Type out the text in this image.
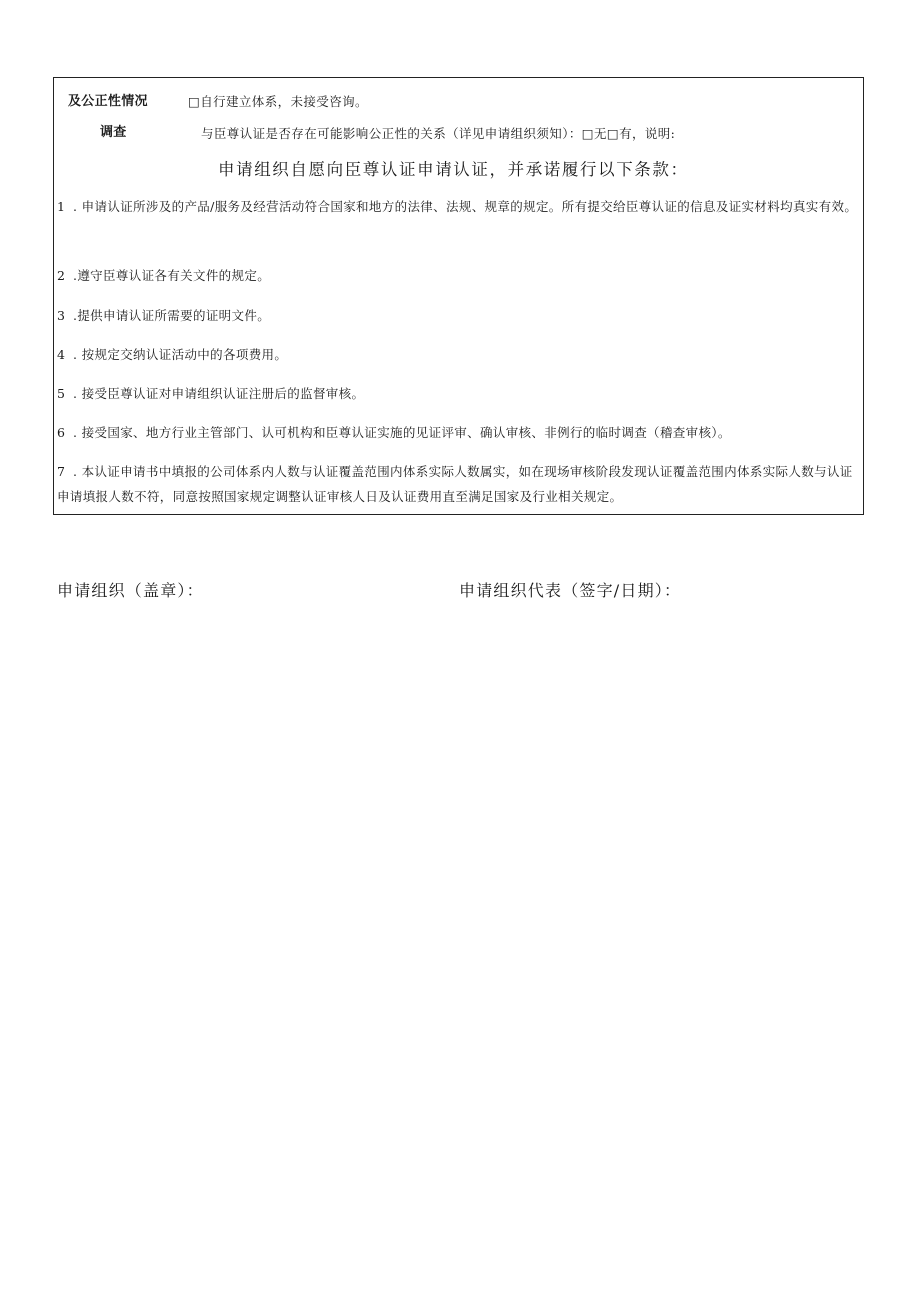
及公正性情况
调查
□自行建立体系，未接受咨询。
与臣尊认证是否存在可能影响公正性的关系（详见申请组织须知）：□无□有，说明:
申请组织自愿向臣尊认证申请认证，并承诺履行以下条款：
1 . 申请认证所涉及的产品/服务及经营活动符合国家和地方的法律、法规、规章的规定。所有提交给臣尊认证的信息及证实材料均真实有效。
2 .遵守臣尊认证各有关文件的规定。
3 .提供申请认证所需要的证明文件。
4 . 按规定交纳认证活动中的各项费用。
5 . 接受臣尊认证对申请组织认证注册后的监督审核。
6 . 接受国家、地方行业主管部门、认可机构和臣尊认证实施的见证评审、确认审核、非例行的临时调查（稽查审核）。
7 . 本认证申请书中填报的公司体系内人数与认证覆盖范围内体系实际人数属实，如在现场审核阶段发现认证覆盖范围内体系实际人数与认证申请填报人数不符，同意按照国家规定调整认证审核人日及认证费用直至满足国家及行业相关规定。
申请组织（盖章）：	申请组织代表（签字/日期）：
